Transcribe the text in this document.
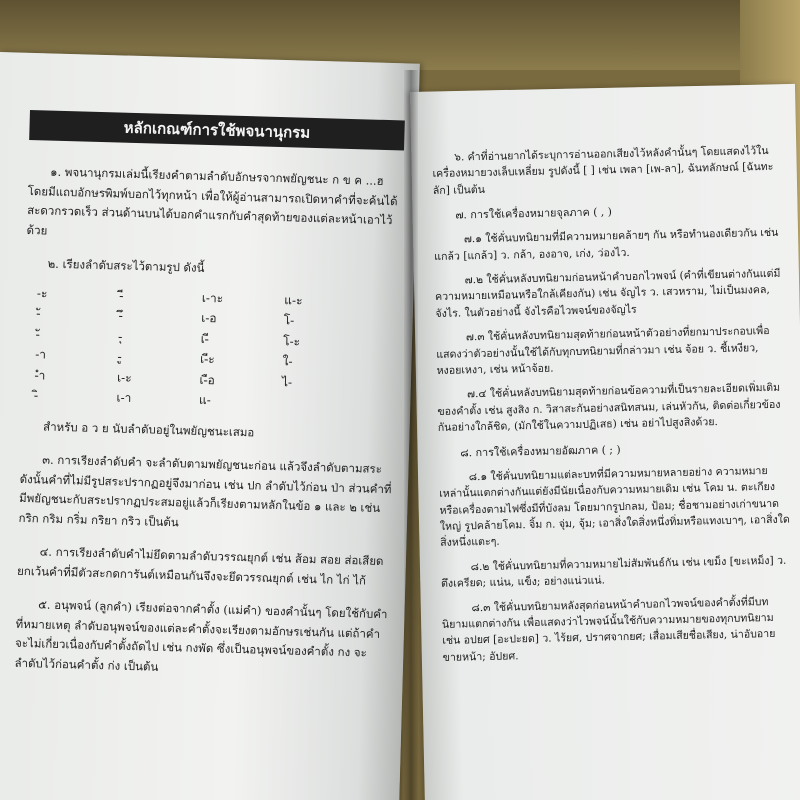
หลักเกณฑ์การใช้พจนานุกรม

๑. พจนานุกรมเล่มนี้เรียงคำตามลำดับอักษรจากพยัญชนะ ก ข ค ...ฮ โดยมีแถบอักษรพิมพ์บอกไว้ทุกหน้า เพื่อให้ผู้อ่านสามารถเปิดหาคำที่จะค้นได้สะดวกรวดเร็ว ส่วนด้านบนได้บอกคำแรกกับคำสุดท้ายของแต่ละหน้าเอาไว้ด้วย

๒. เรียงลำดับสระไว้ตามรูป ดังนี้

-ะ	-ี	เ-าะ	แ-ะ
-ั	-ึ	เ-อ	โ-
-ั	-ุ	เ-ี	โ-ะ
-า	-ู	เ-ีะ	ใ-
-ำ	เ-ะ	เ-ือ	ไ-
-ิ	เ-า	แ-

สำหรับ อ ว ย นับลำดับอยู่ในพยัญชนะเสมอ

๓. การเรียงลำดับคำ จะลำดับตามพยัญชนะก่อน แล้วจึงลำดับตามสระ ดังนั้นคำที่ไม่มีรูปสระปรากฏอยู่จึงมาก่อน เช่น ปก ลำดับไว้ก่อน ป่า ส่วนคำที่มีพยัญชนะกับสระปรากฏประสมอยู่แล้วก็เรียงตามหลักในข้อ ๑ และ ๒ เช่น กริก กริม กริ่ม กริยา กริว เป็นต้น

๔. การเรียงลำดับคำไม่ยึดตามลำดับวรรณยุกต์ เช่น ส้อม สอย ส่อเสียด ยกเว้นคำที่มีตัวสะกดการันต์เหมือนกันจึงจะยึดวรรณยุกต์ เช่น ไก ไก่ ไก้

๕. อนุพจน์ (ลูกคำ) เรียงต่อจากคำตั้ง (แม่คำ) ของคำนั้นๆ โดยใช้กับคำที่หมายเหตุ ลำดับอนุพจน์ของแต่ละคำตั้งจะเรียงตามอักษรเช่นกัน แต่ถ้าคำจะไม่เกี่ยวเนื่องกับคำตั้งถัดไป เช่น กงพัด ซึ่งเป็นอนุพจน์ของคำตั้ง กง จะลำดับไว้ก่อนคำตั้ง ก่ง เป็นต้น

๖. คำที่อ่านยากได้ระบุการอ่านออกเสียงไว้หลังคำนั้นๆ โดยแสดงไว้ในเครื่องหมายวงเล็บเหลี่ยม รูปดังนี้ [ ] เช่น เพลา [เพ-ลา], ฉันทลักษณ์ [ฉันทะลัก] เป็นต้น

๗. การใช้เครื่องหมายจุลภาค ( , )

๗.๑ ใช้คั่นบทนิยามที่มีความหมายคล้ายๆ กัน หรือทำนองเดียวกัน เช่น แกล้ว [แกล้ว] ว. กล้า, องอาจ, เก่ง, ว่องไว.

๗.๒ ใช้คั่นหลังบทนิยามก่อนหน้าคำบอกไวพจน์ (คำที่เขียนต่างกันแต่มีความหมายเหมือนหรือใกล้เคียงกัน) เช่น จัญไร ว. เสวหราม, ไม่เป็นมงคล, จังไร. ในตัวอย่างนี้ จังไรคือไวพจน์ของจัญไร

๗.๓ ใช้คั่นหลังบทนิยามสุดท้ายก่อนหน้าตัวอย่างที่ยกมาประกอบเพื่อแสดงว่าตัวอย่างนั้นใช้ได้กับทุกบทนิยามที่กล่าวมา เช่น จ้อย ว. ชี้เหงียว, หงอยเหงา, เช่น หน้าจ้อย.

๗.๔ ใช้คั่นหลังบทนิยามสุดท้ายก่อนข้อความที่เป็นรายละเอียดเพิ่มเติมของคำตั้ง เช่น สูงสิง ก. วิสาสะกันอย่างสนิทสนม, เล่นหัวกัน, ติดต่อเกี่ยวข้องกันอย่างใกล้ชิด, (มักใช้ในความปฏิเสธ) เช่น อย่าไปสูงสิงด้วย.

๘. การใช้เครื่องหมายอัฒภาค ( ; )

๘.๑ ใช้คั่นบทนิยามแต่ละบทที่มีความหมายหลายอย่าง ความหมายเหล่านั้นแตกต่างกันแต่ยังมีนัยเนื่องกับความหมายเดิม เช่น โคม น. ตะเกียงหรือเครื่องตามไฟซึ่งมีที่บังลม โดยมากรูปกลม, ป้อม; ชื่อชามอย่างเก่าขนาดใหญ่ รูปคล้ายโคม. จิ้ม ก. จุ่ม, จุ้ม; เอาสิ่งใดสิ่งหนึ่งทิ่มหรือแทงเบาๆ, เอาสิ่งใดสิ่งหนึ่งแตะๆ.

๘.๒ ใช้คั่นบทนิยามที่ความหมายไม่สัมพันธ์กัน เช่น เขม็ง [ขะเหม็ง] ว. ตึงเครียด; แน่น, แข็ง; อย่างแน่วแน่.

๘.๓ ใช้คั่นบทนิยามหลังสุดก่อนหน้าคำบอกไวพจน์ของคำตั้งที่มีบทนิยามแตกต่างกัน เพื่อแสดงว่าไวพจน์นั้นใช้กับความหมายของทุกบทนิยาม เช่น อปยศ [อะปะยด] ว. ไร้ยศ, ปราศจากยศ; เสื่อมเสียชื่อเสียง, น่าอับอายขายหน้า; อัปยศ.
